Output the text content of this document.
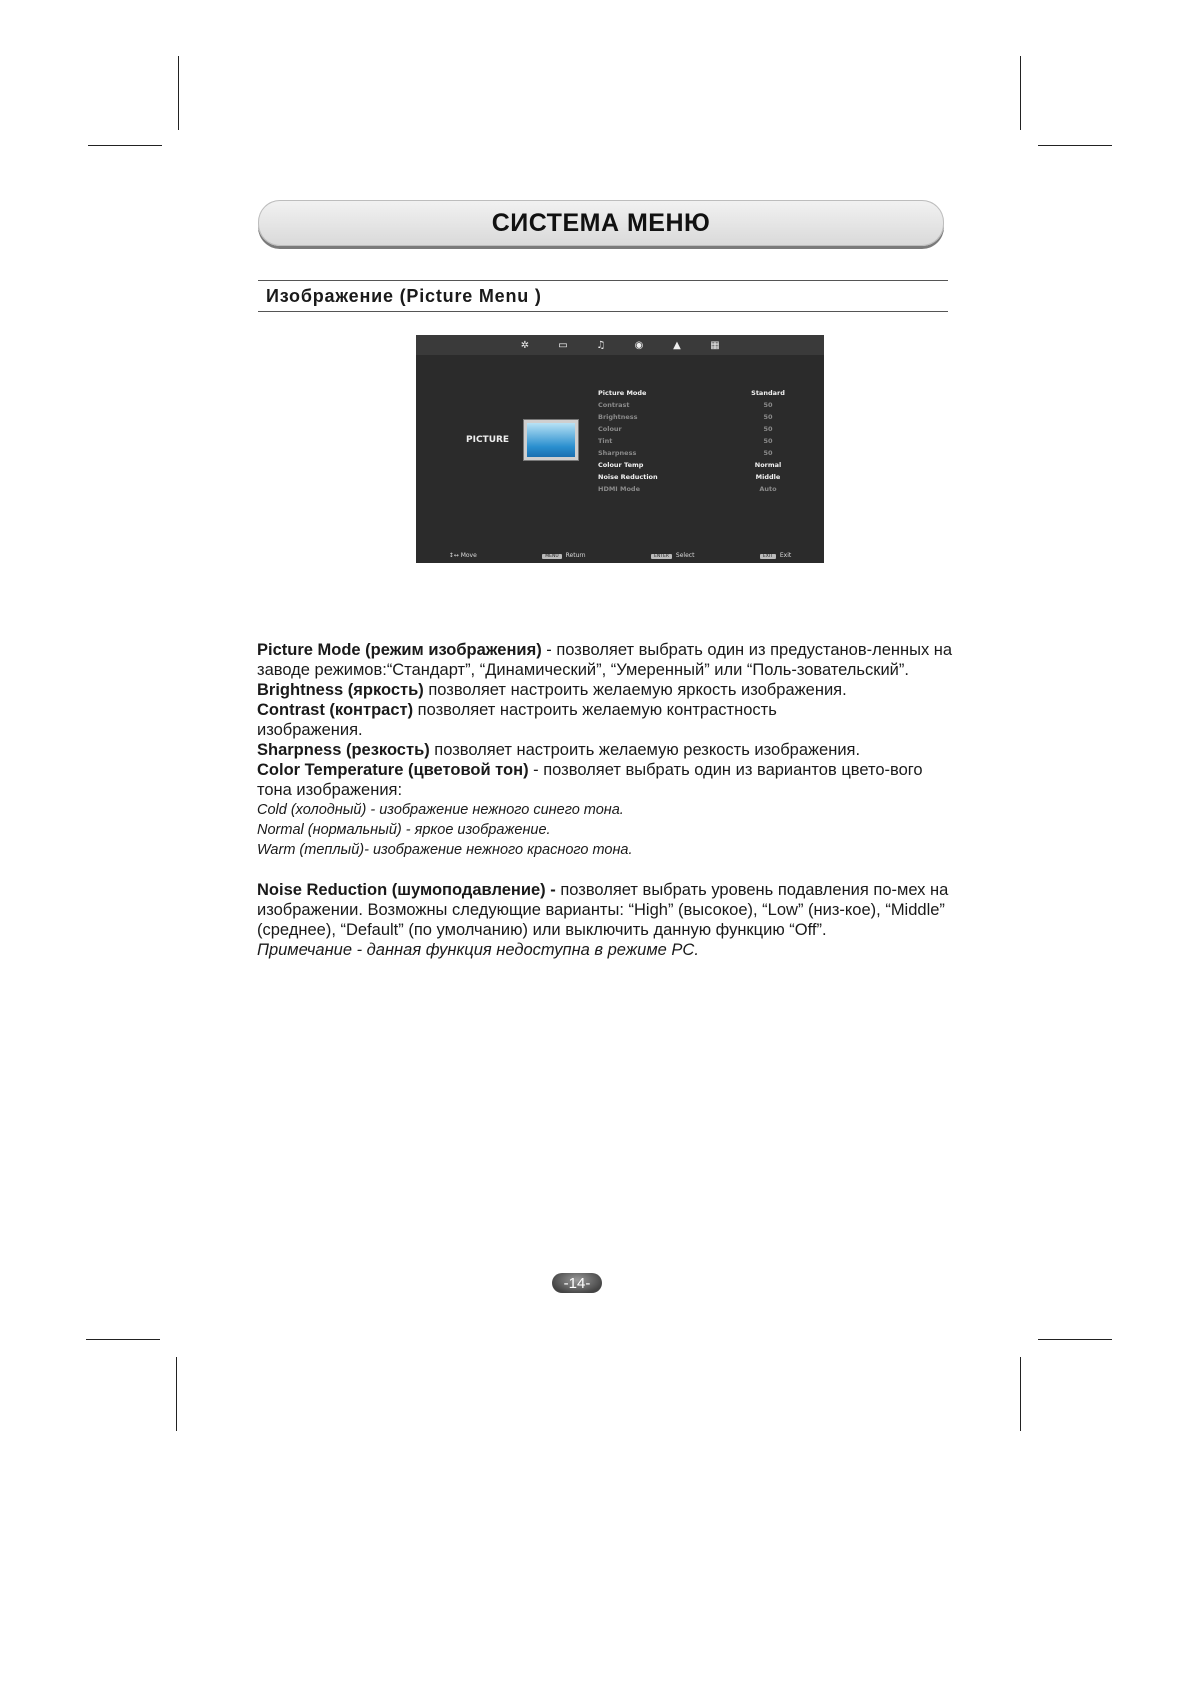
СИСТЕМА МЕНЮ
Изображение (Picture Menu )
✲	▭	♫	◉	▲	▦
PICTURE
Picture Mode	Standard
Contrast	50
Brightness	50
Colour	50
Tint	50
Sharpness	50
Colour Temp	Normal
Noise Reduction	Middle
HDMI Mode	Auto
↕↔ Move	MENU Return	ENTER Select	EXIT Exit

Picture Mode (режим изображения) - позволяет выбрать один из предустанов-ленных на заводе режимов:“Стандарт”, “Динамический”, “Умеренный” или “Поль-зовательский”.

Brightness (яркость) позволяет настроить желаемую яркость изображения.

Contrast (контраст) позволяет настроить желаемую контрастность изображения.

Sharpness (резкость) позволяет настроить желаемую резкость изображения.

Color Temperature (цветовой тон) - позволяет выбрать один из вариантов цвето-вого тона изображения:

Cold (холодный) - изображение нежного синего тона.

Normal (нормальный) - яркое изображение.

Warm (теплый)- изображение нежного красного тона.

Noise Reduction (шумоподавление) - позволяет выбрать уровень подавления по-мех на изображении. Возможны следующие варианты: “High” (высокое), “Low” (низ-кое), “Middle” (среднее), “Default” (по умолчанию) или выключить данную функцию “Off”.

Примечание - данная функция недоступна в режиме PC.

-14-
